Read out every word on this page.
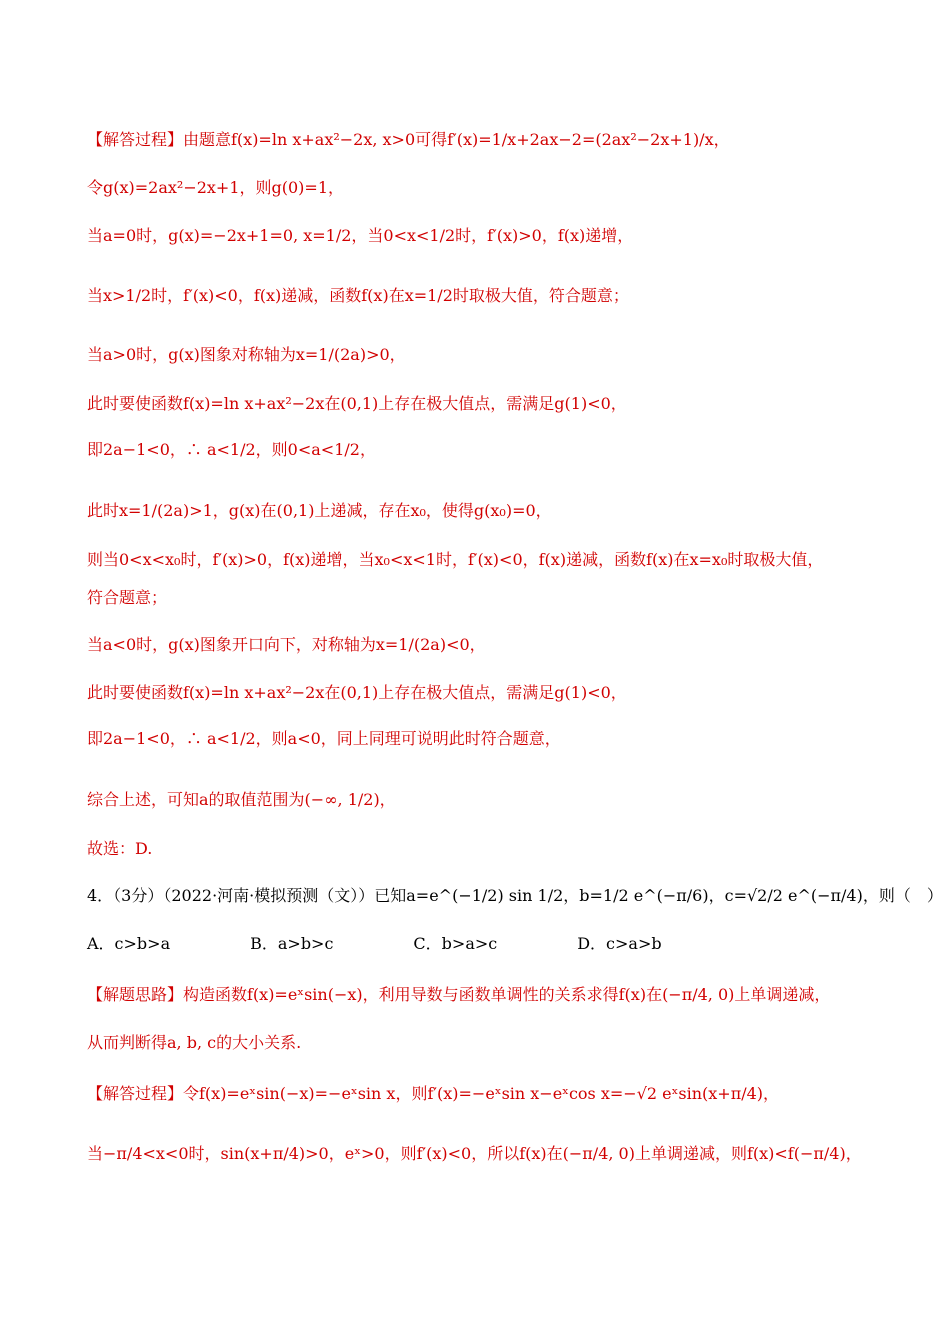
【解答过程】由题意f(x)=ln x+ax²−2x, x>0可得f′(x)=1/x+2ax−2=(2ax²−2x+1)/x，
令g(x)=2ax²−2x+1，则g(0)=1，
当a=0时，g(x)=−2x+1=0, x=1/2，当0<x<1/2时，f′(x)>0，f(x)递增，
当x>1/2时，f′(x)<0，f(x)递减，函数f(x)在x=1/2时取极大值，符合题意；
当a>0时，g(x)图象对称轴为x=1/(2a)>0，
此时要使函数f(x)=ln x+ax²−2x在(0,1)上存在极大值点，需满足g(1)<0，
即2a−1<0，∴ a<1/2，则0<a<1/2，
此时x=1/(2a)>1，g(x)在(0,1)上递减，存在x₀，使得g(x₀)=0，
则当0<x<x₀时，f′(x)>0，f(x)递增，当x₀<x<1时，f′(x)<0，f(x)递减，函数f(x)在x=x₀时取极大值，
符合题意；
当a<0时，g(x)图象开口向下，对称轴为x=1/(2a)<0，
此时要使函数f(x)=ln x+ax²−2x在(0,1)上存在极大值点，需满足g(1)<0，
即2a−1<0，∴ a<1/2，则a<0，同上同理可说明此时符合题意，
综合上述，可知a的取值范围为(−∞, 1/2)，
故选：D.
4．（3分）（2022·河南·模拟预测（文））已知a=e^(−1/2) sin 1/2，b=1/2 e^(−π/6)，c=√2/2 e^(−π/4)，则（　）
A．c>b>a　　　　　B．a>b>c　　　　　C．b>a>c　　　　　D．c>a>b
【解题思路】构造函数f(x)=eˣsin(−x)，利用导数与函数单调性的关系求得f(x)在(−π/4, 0)上单调递减，
从而判断得a, b, c的大小关系.
【解答过程】令f(x)=eˣsin(−x)=−eˣsin x，则f′(x)=−eˣsin x−eˣcos x=−√2 eˣsin(x+π/4)，
当−π/4<x<0时，sin(x+π/4)>0，eˣ>0，则f′(x)<0，所以f(x)在(−π/4, 0)上单调递减，则f(x)<f(−π/4)，
